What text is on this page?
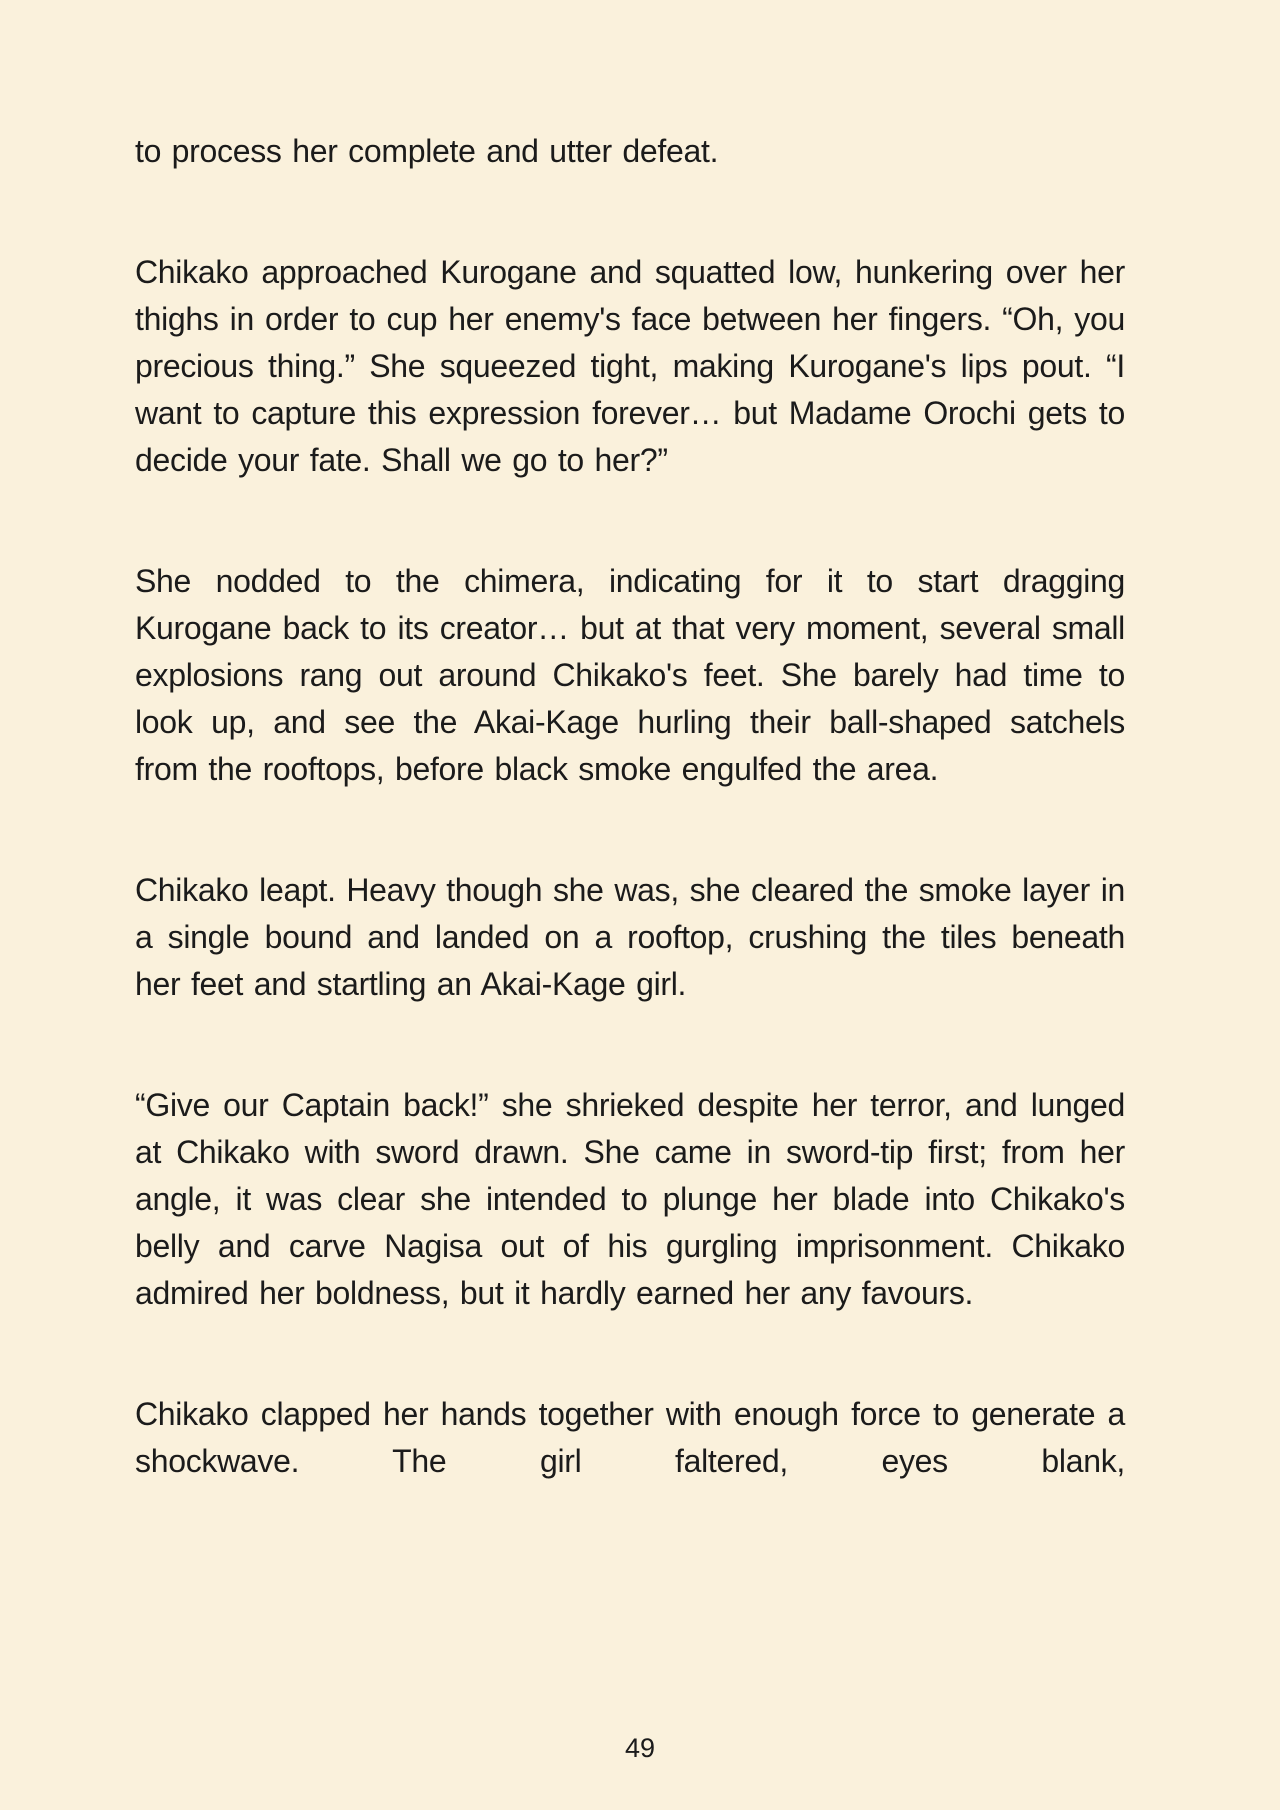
to process her complete and utter defeat.

Chikako approached Kurogane and squatted low, hunkering over her thighs in order to cup her enemy's face between her fingers. “Oh, you precious thing.” She squeezed tight, making Kurogane's lips pout. “I want to capture this expression forever… but Madame Orochi gets to decide your fate. Shall we go to her?”

She nodded to the chimera, indicating for it to start dragging Kurogane back to its creator… but at that very moment, several small explosions rang out around Chikako's feet. She barely had time to look up, and see the Akai-Kage hurling their ball-shaped satchels from the rooftops, before black smoke engulfed the area.

Chikako leapt. Heavy though she was, she cleared the smoke layer in a single bound and landed on a rooftop, crushing the tiles beneath her feet and startling an Akai-Kage girl.

“Give our Captain back!” she shrieked despite her terror, and lunged at Chikako with sword drawn. She came in sword-tip first; from her angle, it was clear she intended to plunge her blade into Chikako's belly and carve Nagisa out of his gurgling imprisonment. Chikako admired her boldness, but it hardly earned her any favours.

Chikako clapped her hands together with enough force to generate a shockwave. The girl faltered, eyes blank,

49
